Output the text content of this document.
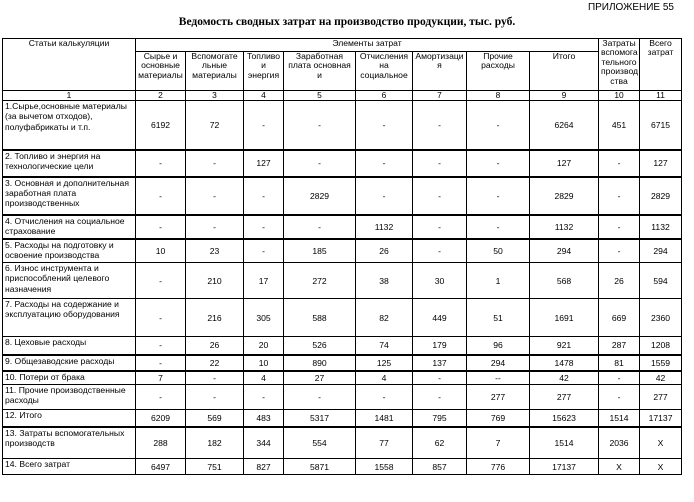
ПРИЛОЖЕНИЕ 55
Ведомость сводных затрат на производство продукции, тыс. руб.
Статьи калькуляции	Элементы затрат								Затраты вспомога тельного производ ства	Всего затрат
	Сырье и основные материалы	Вспомогате льные материалы	Топливо и энергия	Заработная плата основная и	Отчисления на социальное	Амортизаци я	Прочие расходы	Итого		
1	2	3	4	5	6	7	8	9	10	11
1.Сырье,основные материалы (за вычетом отходов), полуфабрикаты и т.п.	6192	72	-	-	-	-	-	6264	451	6715
2. Топливо и энергия на технологические цели	-	-	127	-	-	-	-	127	-	127
3. Основная и дополнительная заработная плата производственных	-	-	-	2829	-	-	-	2829	-	2829
4. Отчисления на социальное страхование	-	-	-	-	1132	-	-	1132	-	1132
5. Расходы на подготовку и освоение производства	10	23	-	185	26	-	50	294	-	294
6. Износ инструмента и приспособлений целевого назначения	-	210	17	272	38	30	1	568	26	594
7. Расходы на содержание и эксплуатацию оборудования	-	216	305	588	82	449	51	1691	669	2360
8. Цеховые расходы	-	26	20	526	74	179	96	921	287	1208
9. Общезаводские расходы	-	22	10	890	125	137	294	1478	81	1559
10. Потери от брака	7	-	4	27	4	-	--	42	-	42
11. Прочие производственные расходы	-	-	-	-	-	-	277	277	-	277
12. Итого	6209	569	483	5317	1481	795	769	15623	1514	17137
13. Затраты вспомогательных производств	288	182	344	554	77	62	7	1514	2036	Х
14. Всего затрат	6497	751	827	5871	1558	857	776	17137	Х	Х
